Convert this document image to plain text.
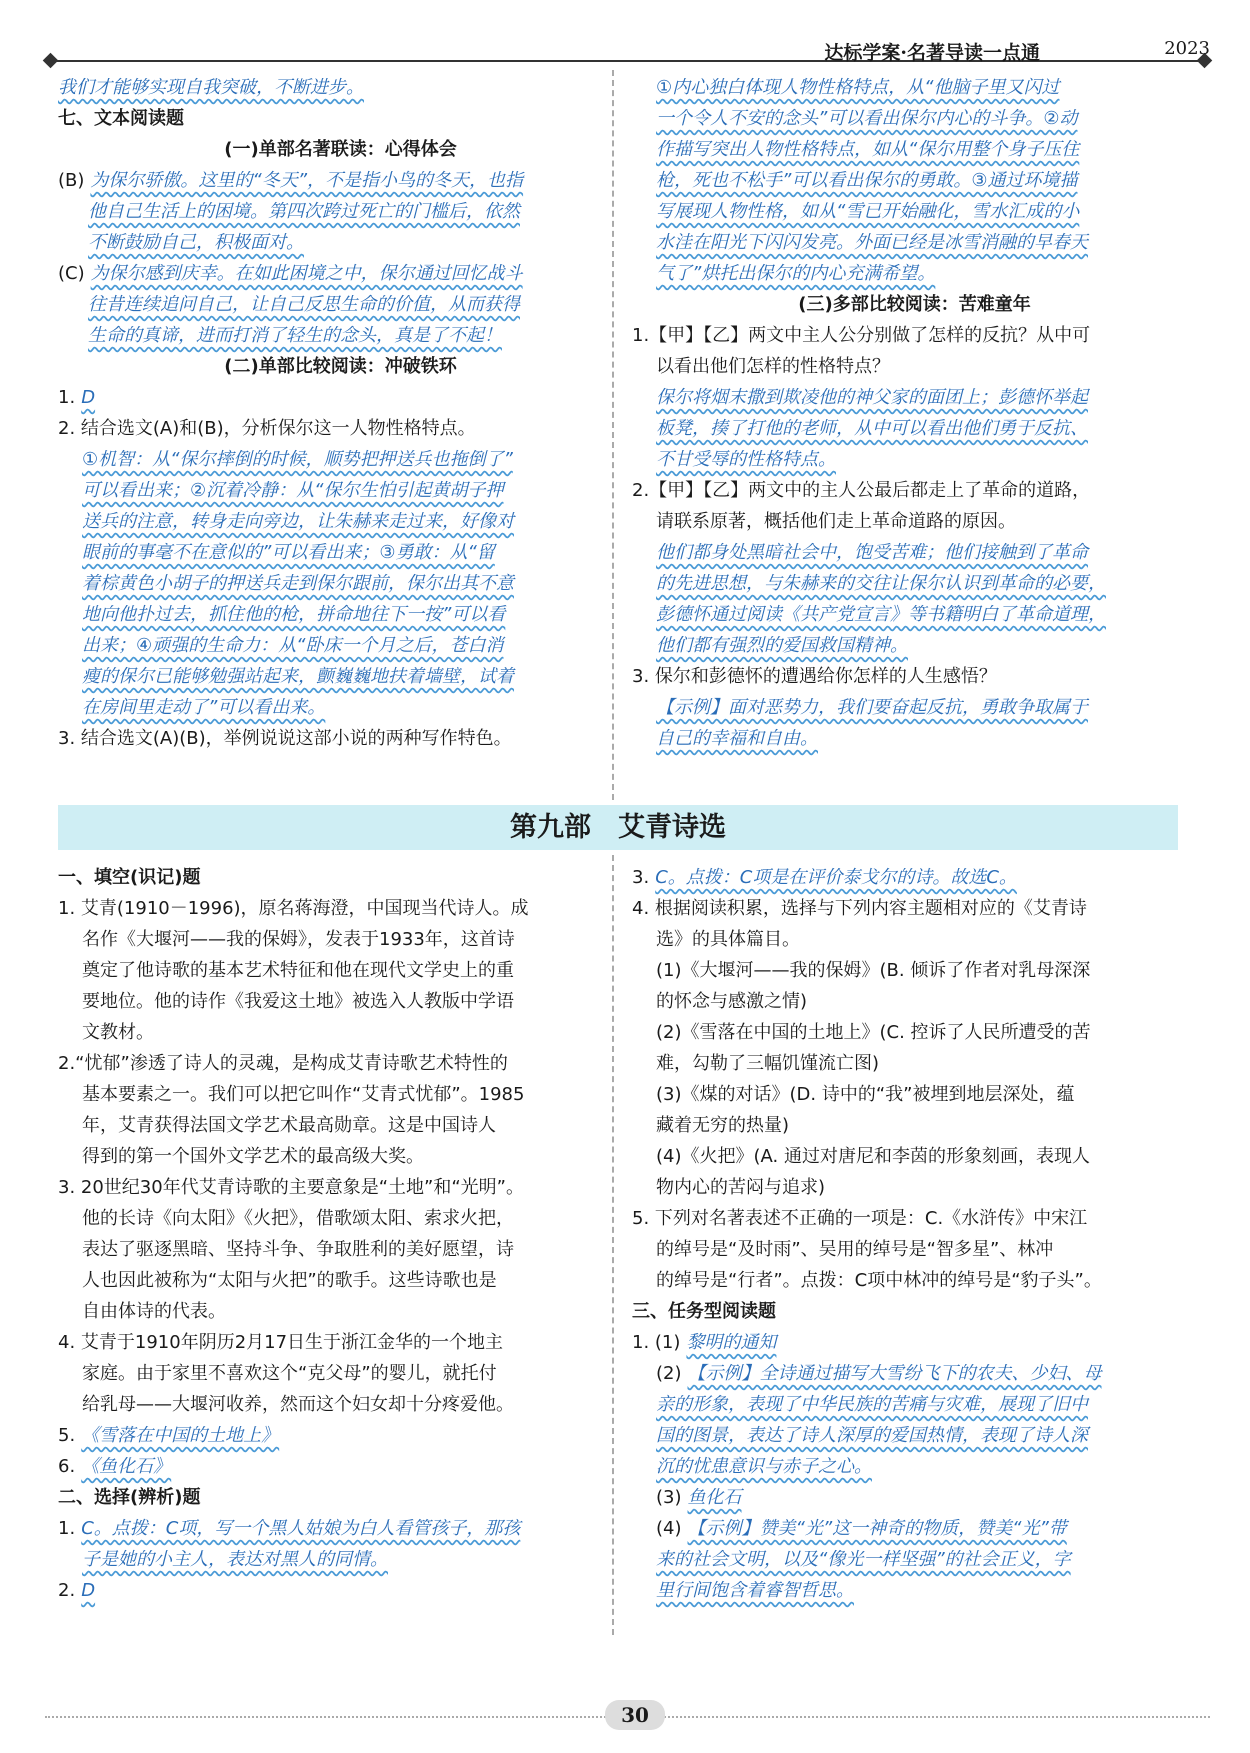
达标学案·名著导读一点通	2023
我们才能够实现自我突破，不断进步。
七、文本阅读题
(一)单部名著联读：心得体会
(B) 为保尔骄傲。这里的“冬天”，不是指小鸟的冬天，也指
他自己生活上的困境。第四次跨过死亡的门槛后，依然
不断鼓励自己，积极面对。
(C) 为保尔感到庆幸。在如此困境之中，保尔通过回忆战斗
往昔连续追问自己，让自己反思生命的价值，从而获得
生命的真谛，进而打消了轻生的念头，真是了不起！
(二)单部比较阅读：冲破铁环
1. D
2. 结合选文(A)和(B)，分析保尔这一人物性格特点。
①机智：从“保尔摔倒的时候，顺势把押送兵也拖倒了”
可以看出来；②沉着冷静：从“保尔生怕引起黄胡子押
送兵的注意，转身走向旁边，让朱赫来走过来，好像对
眼前的事毫不在意似的”可以看出来；③勇敢：从“留
着棕黄色小胡子的押送兵走到保尔跟前，保尔出其不意
地向他扑过去，抓住他的枪，拼命地往下一按”可以看
出来；④顽强的生命力：从“卧床一个月之后，苍白消
瘦的保尔已能够勉强站起来，颤巍巍地扶着墙壁，试着
在房间里走动了”可以看出来。
3. 结合选文(A)(B)，举例说说这部小说的两种写作特色。
①内心独白体现人物性格特点，从“他脑子里又闪过
一个令人不安的念头”可以看出保尔内心的斗争。②动
作描写突出人物性格特点，如从“保尔用整个身子压住
枪，死也不松手”可以看出保尔的勇敢。③通过环境描
写展现人物性格，如从“雪已开始融化，雪水汇成的小
水洼在阳光下闪闪发亮。外面已经是冰雪消融的早春天
气了”烘托出保尔的内心充满希望。
(三)多部比较阅读：苦难童年
1.【甲】【乙】两文中主人公分别做了怎样的反抗？从中可
以看出他们怎样的性格特点？
保尔将烟末撒到欺凌他的神父家的面团上；彭德怀举起
板凳，揍了打他的老师，从中可以看出他们勇于反抗、
不甘受辱的性格特点。
2.【甲】【乙】两文中的主人公最后都走上了革命的道路，
请联系原著，概括他们走上革命道路的原因。
他们都身处黑暗社会中，饱受苦难；他们接触到了革命
的先进思想，与朱赫来的交往让保尔认识到革命的必要，
彭德怀通过阅读《共产党宣言》等书籍明白了革命道理，
他们都有强烈的爱国救国精神。
3. 保尔和彭德怀的遭遇给你怎样的人生感悟？
【示例】面对恶势力，我们要奋起反抗，勇敢争取属于
自己的幸福和自由。
第九部　艾青诗选
一、填空(识记)题
1. 艾青(1910－1996)，原名蒋海澄，中国现当代诗人。成
名作《大堰河——我的保姆》，发表于1933年，这首诗
奠定了他诗歌的基本艺术特征和他在现代文学史上的重
要地位。他的诗作《我爱这土地》被选入人教版中学语
文教材。
2.“忧郁”渗透了诗人的灵魂，是构成艾青诗歌艺术特性的
基本要素之一。我们可以把它叫作“艾青式忧郁”。1985
年，艾青获得法国文学艺术最高勋章。这是中国诗人
得到的第一个国外文学艺术的最高级大奖。
3. 20世纪30年代艾青诗歌的主要意象是“土地”和“光明”。
他的长诗《向太阳》《火把》，借歌颂太阳、索求火把，
表达了驱逐黑暗、坚持斗争、争取胜利的美好愿望，诗
人也因此被称为“太阳与火把”的歌手。这些诗歌也是
自由体诗的代表。
4. 艾青于1910年阴历2月17日生于浙江金华的一个地主
家庭。由于家里不喜欢这个“克父母”的婴儿，就托付
给乳母——大堰河收养，然而这个妇女却十分疼爱他。
5. 《雪落在中国的土地上》
6. 《鱼化石》
二、选择(辨析)题
1. C。点拨：C项，写一个黑人姑娘为白人看管孩子，那孩
子是她的小主人，表达对黑人的同情。
2. D
3. C。点拨：C项是在评价泰戈尔的诗。故选C。
4. 根据阅读积累，选择与下列内容主题相对应的《艾青诗
选》的具体篇目。
(1)《大堰河——我的保姆》(B. 倾诉了作者对乳母深深
的怀念与感激之情)
(2)《雪落在中国的土地上》(C. 控诉了人民所遭受的苦
难，勾勒了三幅饥馑流亡图)
(3)《煤的对话》(D. 诗中的“我”被埋到地层深处，蕴
藏着无穷的热量)
(4)《火把》(A. 通过对唐尼和李茵的形象刻画，表现人
物内心的苦闷与追求)
5. 下列对名著表述不正确的一项是：C.《水浒传》中宋江
的绰号是“及时雨”、吴用的绰号是“智多星”、林冲
的绰号是“行者”。点拨：C项中林冲的绰号是“豹子头”。
三、任务型阅读题
1. (1) 黎明的通知
(2) 【示例】全诗通过描写大雪纷飞下的农夫、少妇、母
亲的形象，表现了中华民族的苦痛与灾难，展现了旧中
国的图景，表达了诗人深厚的爱国热情，表现了诗人深
沉的忧患意识与赤子之心。
(3) 鱼化石
(4) 【示例】赞美“光”这一神奇的物质，赞美“光”带
来的社会文明，以及“像光一样坚强”的社会正义，字
里行间饱含着睿智哲思。
30
